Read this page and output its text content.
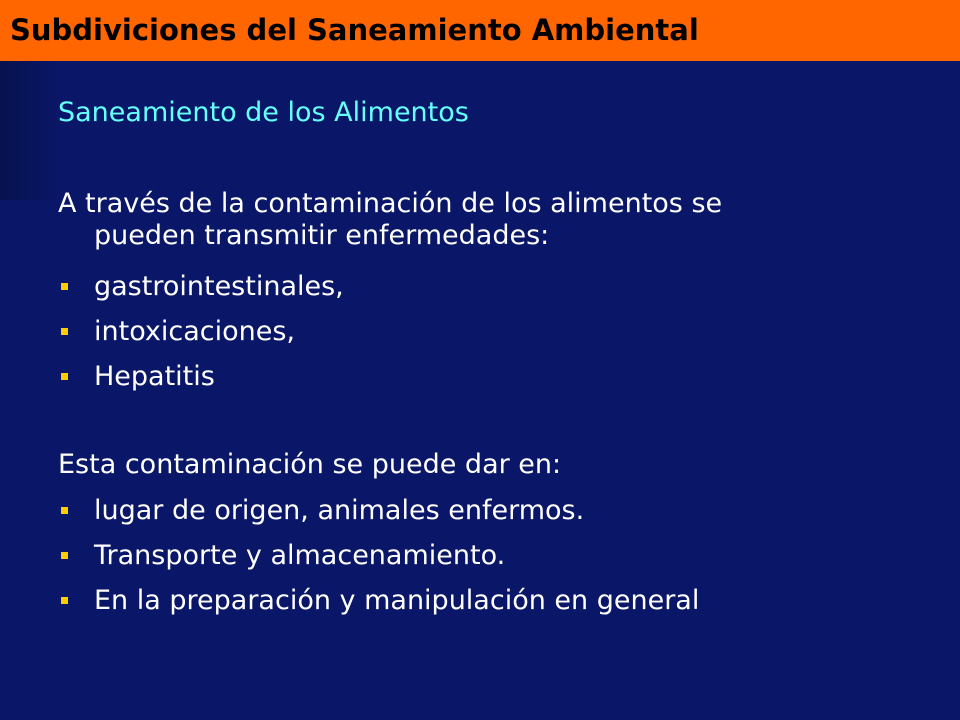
Subdiviciones del Saneamiento Ambiental
Saneamiento de los Alimentos
A través de la contaminación de los alimentos se
pueden transmitir enfermedades:
gastrointestinales,
intoxicaciones,
Hepatitis
Esta contaminación se puede dar en:
lugar de origen, animales enfermos.
Transporte y almacenamiento.
En la preparación y manipulación en general
